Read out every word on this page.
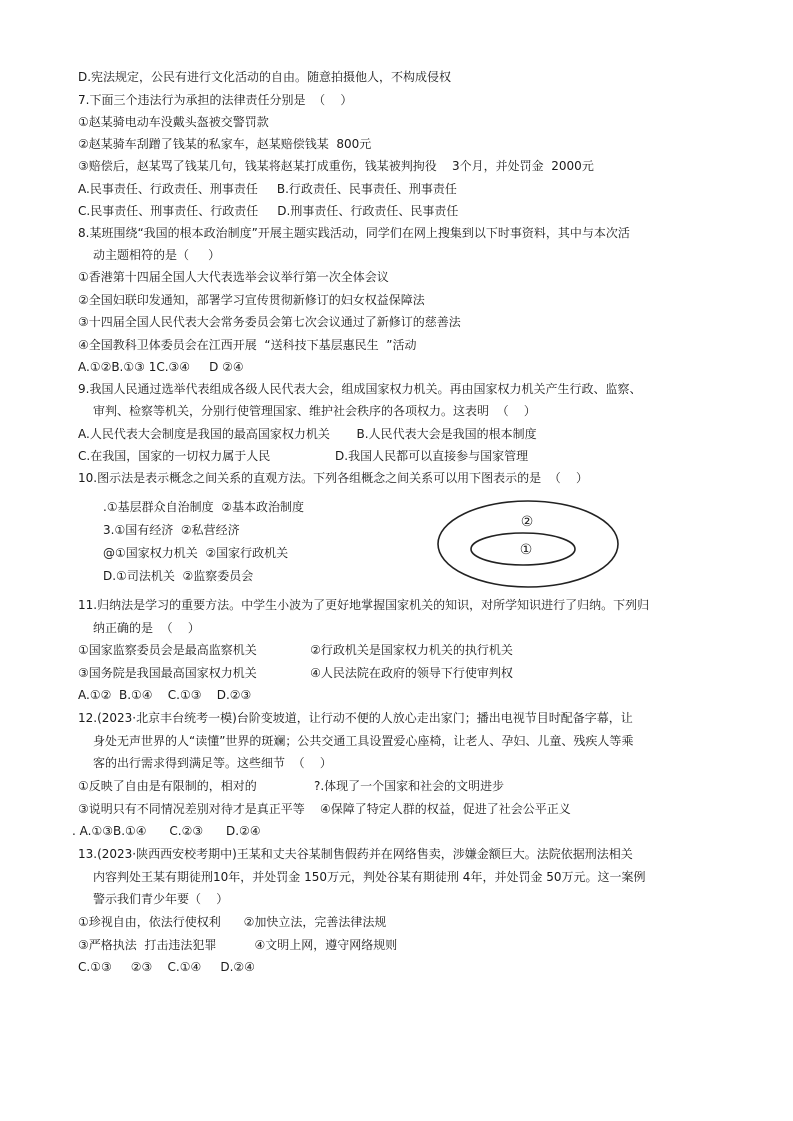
D.宪法规定，公民有进行文化活动的自由。随意拍摄他人，不构成侵权
7.下面三个违法行为承担的法律责任分别是  （    ）
①赵某骑电动车没戴头盔被交警罚款
②赵某骑车刮蹭了钱某的私家车，赵某赔偿钱某  800元
③赔偿后，赵某骂了钱某几句，钱某将赵某打成重伤，钱某被判拘役    3个月，并处罚金  2000元
A.民事责任、行政责任、刑事责任     B.行政责任、民事责任、刑事责任
C.民事责任、刑事责任、行政责任     D.刑事责任、行政责任、民事责任
8.某班围绕“我国的根本政治制度”开展主题实践活动，同学们在网上搜集到以下时事资料，其中与本次活
动主题相符的是（     ）
①香港第十四届全国人大代表选举会议举行第一次全体会议
②全国妇联印发通知，部署学习宣传贯彻新修订的妇女权益保障法
③十四届全国人民代表大会常务委员会第七次会议通过了新修订的慈善法
④全国教科卫体委员会在江西开展  “送科技下基层惠民生  ”活动
A.①②B.①③ 1C.③④     D ②④
9.我国人民通过选举代表组成各级人民代表大会，组成国家权力机关。再由国家权力机关产生行政、监察、
审判、检察等机关，分别行使管理国家、维护社会秩序的各项权力。这表明  （    ）
A.人民代表大会制度是我国的最高国家权力机关       B.人民代表大会是我国的根本制度
C.在我国，国家的一切权力属于人民                 D.我国人民都可以直接参与国家管理
10.图示法是表示概念之间关系的直观方法。下列各组概念之间关系可以用下图表示的是  （    ）
.①基层群众自治制度  ②基本政治制度
3.①国有经济  ②私营经济
@①国家权力机关  ②国家行政机关
D.①司法机关  ②监察委员会
②
①
11.归纳法是学习的重要方法。中学生小波为了更好地掌握国家机关的知识，对所学知识进行了归纳。下列归
纳正确的是  （    ）
①国家监察委员会是最高监察机关              ②行政机关是国家权力机关的执行机关
③国务院是我国最高国家权力机关              ④人民法院在政府的领导下行使审判权
A.①②  B.①④    C.①③    D.②③
12.(2023·北京丰台统考一模)台阶变坡道，让行动不便的人放心走出家门；播出电视节目时配备字幕，让
身处无声世界的人“读懂”世界的斑斓；公共交通工具设置爱心座椅，让老人、孕妇、儿童、残疾人等乘
客的出行需求得到满足等。这些细节  （    ）
①反映了自由是有限制的，相对的               ?.体现了一个国家和社会的文明进步
③说明只有不同情况差别对待才是真正平等    ④保障了特定人群的权益，促进了社会公平正义
. A.①③B.①④      C.②③      D.②④
13.(2023·陕西西安校考期中)王某和丈夫谷某制售假药并在网络售卖，涉嫌金额巨大。法院依据刑法相关
内容判处王某有期徒刑10年，并处罚金 150万元，判处谷某有期徒刑 4年，并处罚金 50万元。这一案例
警示我们青少年要（    ）
①珍视自由，依法行使权利      ②加快立法，完善法律法规
③严格执法  打击违法犯罪          ④文明上网，遵守网络规则
C.①③     ②③    C.①④     D.②④
